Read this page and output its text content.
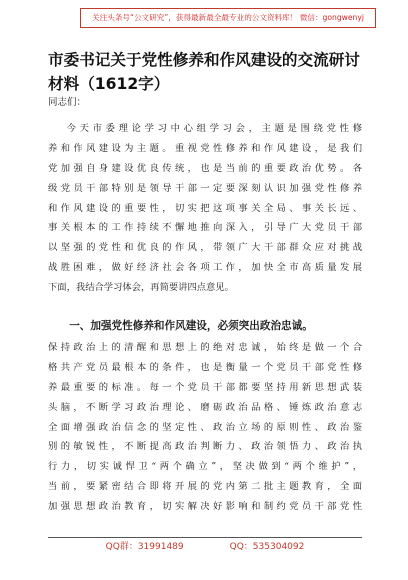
关注头条号“公文研究”，获得最新最全最专业的公文资料库！ 微信：gongwenyj
市委书记关于党性修养和作风建设的交流研讨材料（1612字）
同志们：
今天市委理论学习中心组学习会，主题是围绕党性修
养和作风建设为主题。重视党性修养和作风建设，是我们
党加强自身建设优良传统，也是当前的重要政治优势。各
级党员干部特别是领导干部一定要深刻认识加强党性修养
和作风建设的重要性，切实把这项事关全局、事关长远、
事关根本的工作持续不懈地推向深入，引导广大党员干部
以坚强的党性和优良的作风，带领广大干部群众应对挑战
战胜困难，做好经济社会各项工作，加快全市高质量发展
下面，我结合学习体会，再简要讲四点意见。
一、加强党性修养和作风建设，必须突出政治忠诚。
保持政治上的清醒和思想上的绝对忠诚，始终是做一个合
格共产党员最根本的条件，也是衡量一个党员干部党性修
养最重要的标准。每一个党员干部都要坚持用新思想武装
头脑，不断学习政治理论、磨砺政治品格、锤炼政治意志
全面增强政治信念的坚定性、政治立场的原则性、政治鉴
别的敏锐性，不断提高政治判断力、政治领悟力、政治执
行力，切实诚悍卫“两个确立”，坚决做到“两个维护”，
当前，要紧密结合即将开展的党内第二批主题教育，全面
加强思想政治教育，切实解决好影响和制约党员干部党性
QQ群：31991489	QQ：535304092
